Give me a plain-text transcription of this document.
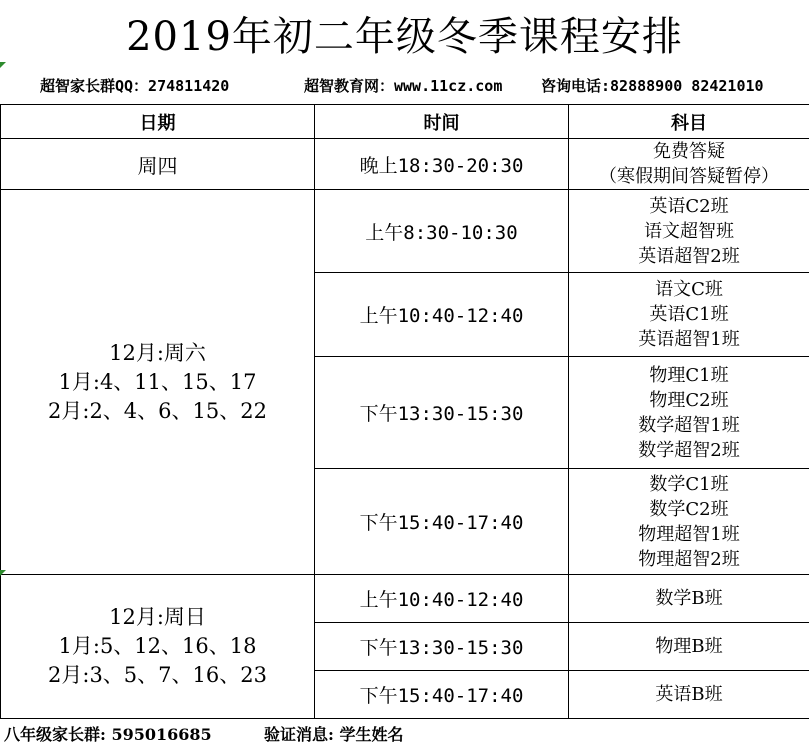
2019年初二年级冬季课程安排
超智家长群QQ：274811420	超智教育网：www.11cz.com	咨询电话:82888900 82421010
日期	时间	科目

周四	晚上18:30-20:30	免费答疑
（寒假期间答疑暂停）

12月:周六
1月:4、11、15、17
2月:2、4、6、15、22	上午8:30-10:30	英语C2班
语文超智班
英语超智2班

	上午10:40-12:40	语文C班
英语C1班
英语超智1班

	下午13:30-15:30	物理C1班
物理C2班
数学超智1班
数学超智2班

	下午15:40-17:40	数学C1班
数学C2班
物理超智1班
物理超智2班

12月:周日
1月:5、12、16、18
2月:3、5、7、16、23	上午10:40-12:40	数学B班

	下午13:30-15:30	物理B班

	下午15:40-17:40	英语B班
八年级家长群: 595016685	验证消息: 学生姓名
